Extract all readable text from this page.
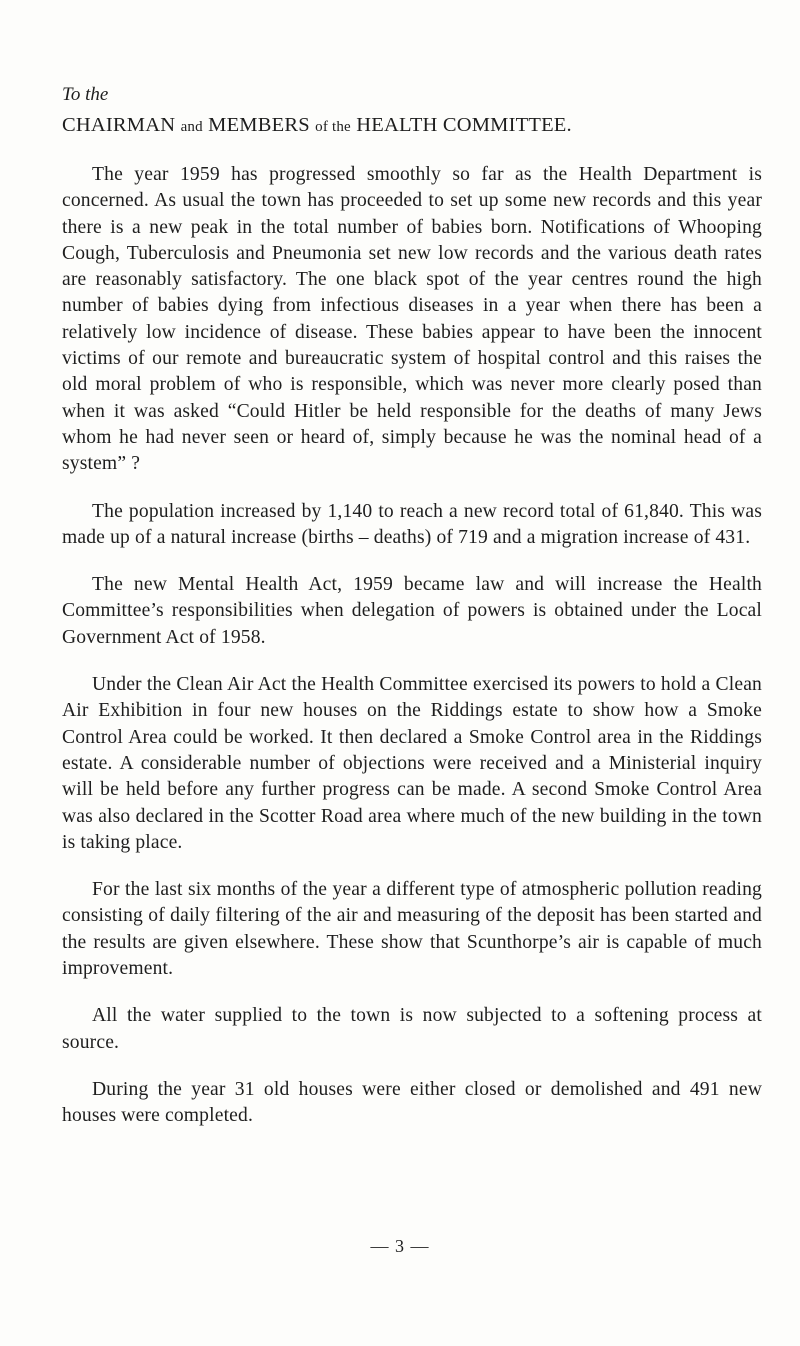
To the

CHAIRMAN and MEMBERS of the HEALTH COMMITTEE.

The year 1959 has progressed smoothly so far as the Health Department is concerned. As usual the town has proceeded to set up some new records and this year there is a new peak in the total number of babies born. Notifications of Whooping Cough, Tuberculosis and Pneumonia set new low records and the various death rates are reasonably satisfactory. The one black spot of the year centres round the high number of babies dying from infectious diseases in a year when there has been a relatively low incidence of disease. These babies appear to have been the innocent victims of our remote and bureaucratic system of hospital control and this raises the old moral problem of who is responsible, which was never more clearly posed than when it was asked “Could Hitler be held responsible for the deaths of many Jews whom he had never seen or heard of, simply because he was the nominal head of a system” ?

The population increased by 1,140 to reach a new record total of 61,840. This was made up of a natural increase (births – deaths) of 719 and a migration increase of 431.

The new Mental Health Act, 1959 became law and will increase the Health Committee’s responsibilities when delegation of powers is obtained under the Local Government Act of 1958.

Under the Clean Air Act the Health Committee exercised its powers to hold a Clean Air Exhibition in four new houses on the Riddings estate to show how a Smoke Control Area could be worked. It then declared a Smoke Control area in the Riddings estate. A considerable number of objections were received and a Ministerial inquiry will be held before any further progress can be made. A second Smoke Control Area was also declared in the Scotter Road area where much of the new building in the town is taking place.

For the last six months of the year a different type of atmospheric pollution reading consisting of daily filtering of the air and measuring of the deposit has been started and the results are given elsewhere. These show that Scunthorpe’s air is capable of much improvement.

All the water supplied to the town is now subjected to a softening process at source.

During the year 31 old houses were either closed or demolished and 491 new houses were completed.

— 3 —
